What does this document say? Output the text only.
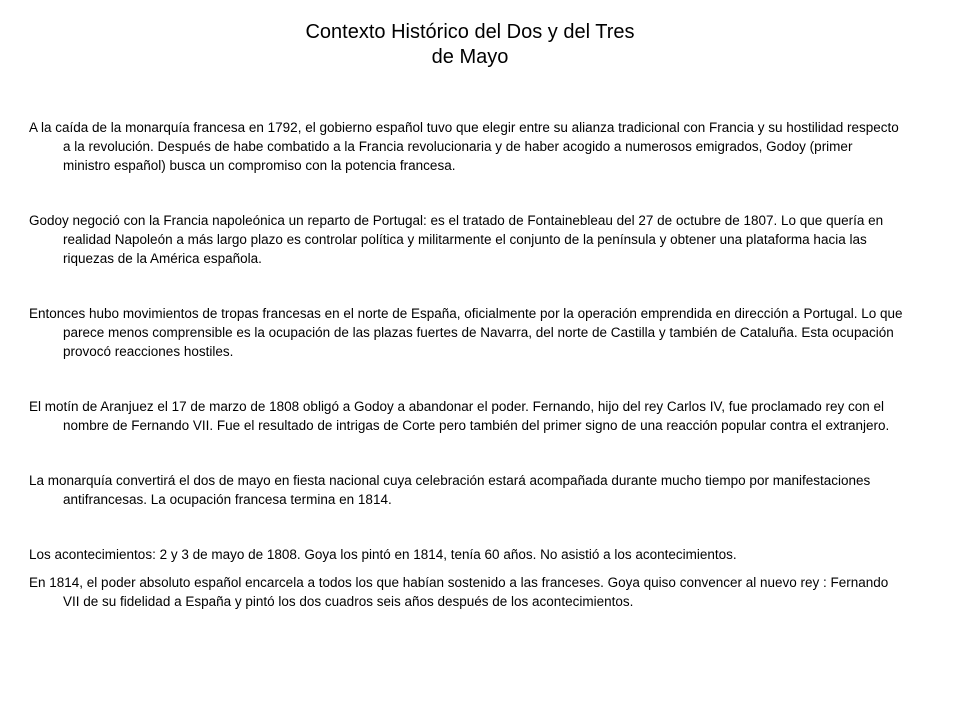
Contexto Histórico del Dos y del Tres
de Mayo

A la caída de la monarquía francesa en 1792, el gobierno español tuvo que elegir entre su alianza tradicional con Francia y su hostilidad respecto a la revolución. Después de habe combatido a la Francia revolucionaria y de haber acogido a numerosos emigrados, Godoy (primer ministro español) busca un compromiso con la potencia francesa.

Godoy negoció con la Francia napoleónica un reparto de Portugal: es el tratado de Fontainebleau del 27 de octubre de 1807. Lo que quería en realidad Napoleón a más largo plazo es controlar política y militarmente el conjunto de la península y obtener una plataforma hacia las riquezas de la América española.

Entonces hubo movimientos de tropas francesas en el norte de España, oficialmente por la operación emprendida en dirección a Portugal. Lo que parece menos comprensible es la ocupación de las plazas fuertes de Navarra, del norte de Castilla y también de Cataluña. Esta ocupación provocó reacciones hostiles.

El motín de Aranjuez el 17 de marzo de 1808 obligó a Godoy a abandonar el poder. Fernando, hijo del rey Carlos IV, fue proclamado rey con el nombre de Fernando VII. Fue el resultado de intrigas de Corte pero también del primer signo de una reacción popular contra el extranjero.

La monarquía convertirá el dos de mayo en fiesta nacional cuya celebración estará acompañada durante mucho tiempo por manifestaciones antifrancesas. La ocupación francesa termina en 1814.

Los acontecimientos: 2 y 3 de mayo de 1808. Goya los pintó en 1814, tenía 60 años. No asistió a los acontecimientos.

En 1814, el poder absoluto español encarcela a todos los que habían sostenido a las franceses. Goya quiso convencer al nuevo rey : Fernando VII de su fidelidad a España y pintó los dos cuadros seis años después de los acontecimientos.
